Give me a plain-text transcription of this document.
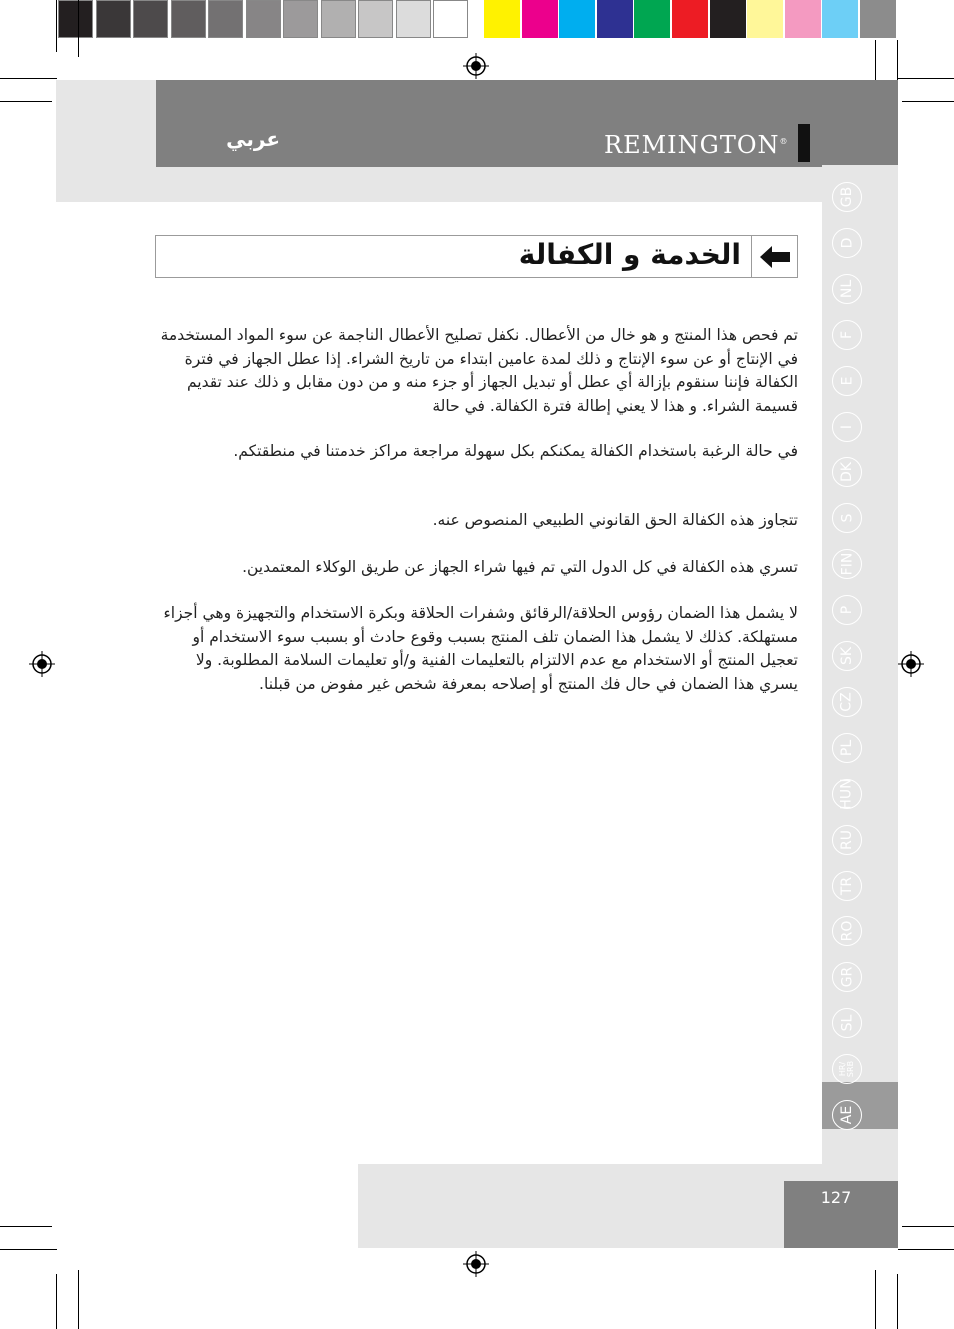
عربي	REMINGTON®
GB
D
NL
F
E
I
DK
S
FIN
P
SK
CZ
PL
HUN
RU
TR
RO
GR
SL
HR/
SRB
AE
الخدمة و الكفالة

تم فحص هذا المنتج و هو خال من الأعطال. نكفل تصليح الأعطال الناجمة عن سوء المواد المستخدمة في الإنتاج أو عن سوء الإنتاج و ذلك لمدة عامين ابتداء من تاريخ الشراء. إذا عطل الجهاز في فترة الكفالة فإننا سنقوم بإزالة أي عطل أو تبديل الجهاز أو جزء منه و من دون مقابل و ذلك عند تقديم قسيمة الشراء. و هذا لا يعني إطالة فترة الكفالة. في حالة

في حالة الرغبة باستخدام الكفالة يمكنكم بكل سهولة مراجعة مراكز خدمتنا في منطقتكم.

تتجاوز هذه الكفالة الحق القانوني الطبيعي المنصوص عنه.

تسري هذه الكفالة في كل الدول التي تم فيها شراء الجهاز عن طريق الوكلاء المعتمدين.

لا يشمل هذا الضمان رؤوس الحلاقة/الرقائق وشفرات الحلاقة وبكرة الاستخدام والتجهيزة وهي أجزاء مستهلكة. كذلك لا يشمل هذا الضمان تلف المنتج بسبب وقوع حادث أو بسبب سوء الاستخدام أو تعجيل المنتج أو الاستخدام مع عدم الالتزام بالتعليمات الفنية و/أو تعليمات السلامة المطلوبة. ولا يسري هذا الضمان في حال فك المنتج أو إصلاحه بمعرفة شخص غير مفوض من قبلنا.

127
